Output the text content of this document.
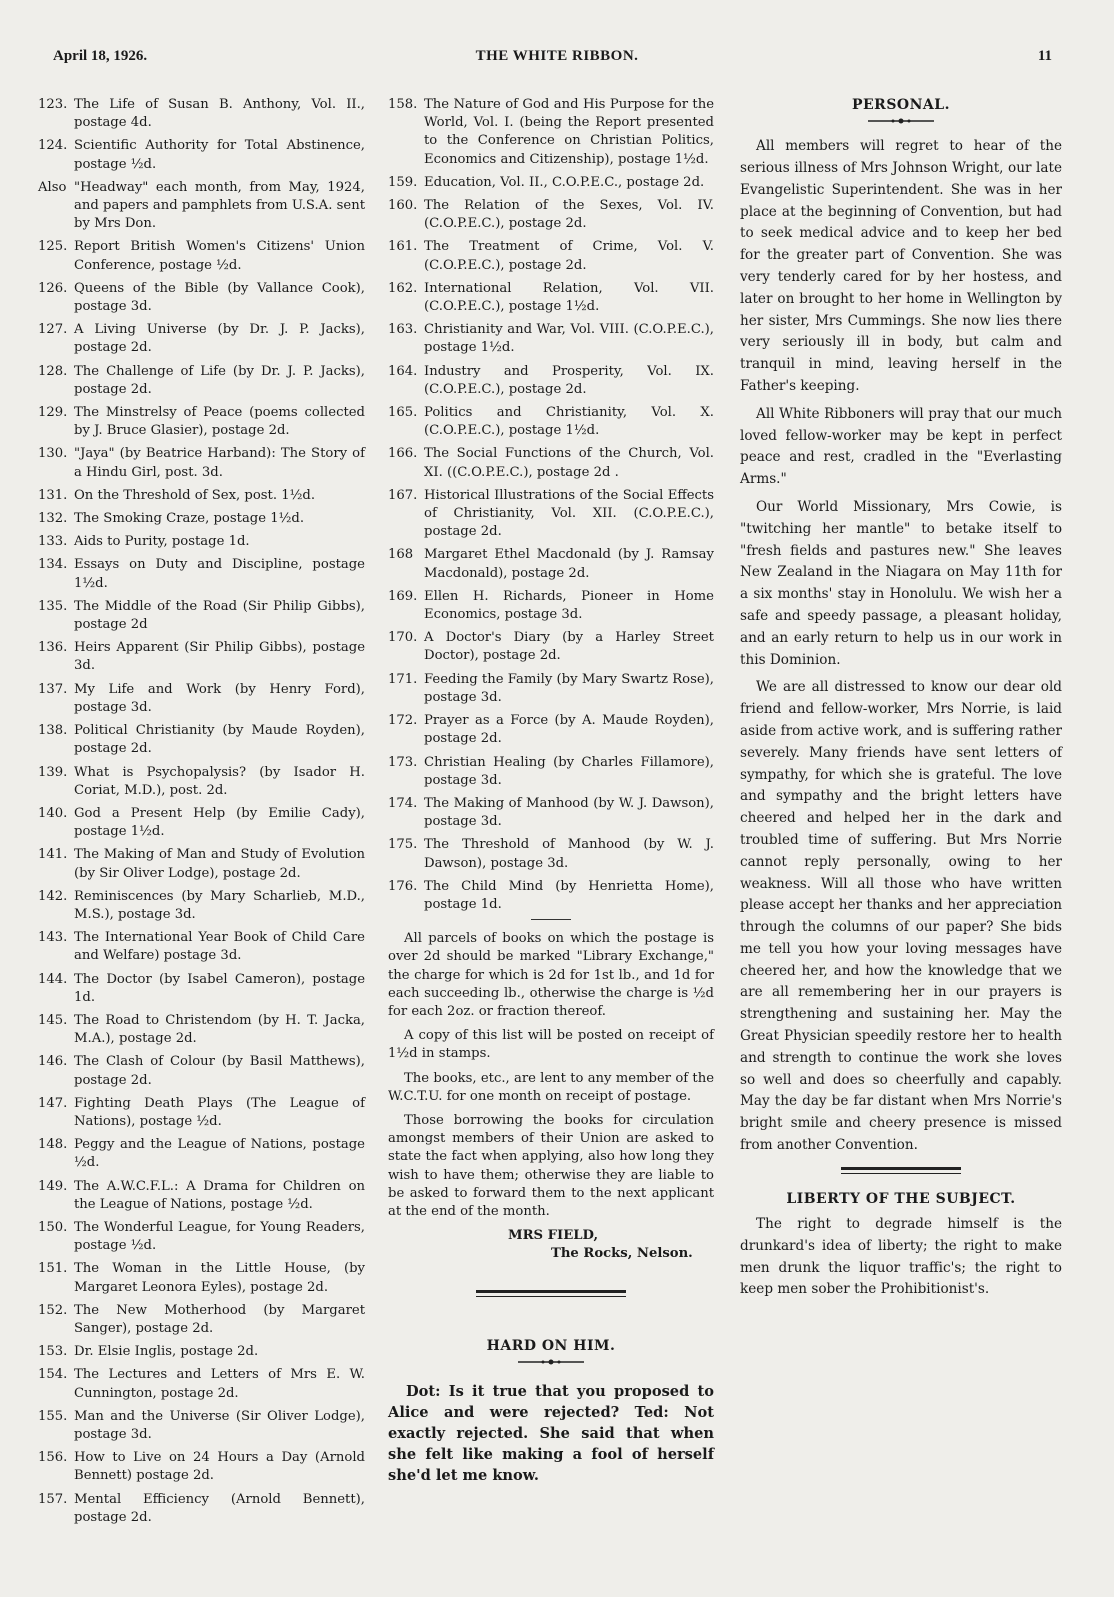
April 18, 1926.	THE WHITE RIBBON.	11
123. The Life of Susan B. Anthony, Vol. II., postage 4d.
124. Scientific Authority for Total Abstinence, postage ½d.
Also "Headway" each month, from May, 1924, and papers and pamphlets from U.S.A. sent by Mrs Don.
125. Report British Women's Citizens' Union Conference, postage ½d.
126. Queens of the Bible (by Vallance Cook), postage 3d.
127. A Living Universe (by Dr. J. P. Jacks), postage 2d.
128. The Challenge of Life (by Dr. J. P. Jacks), postage 2d.
129. The Minstrelsy of Peace (poems collected by J. Bruce Glasier), postage 2d.
130. "Jaya" (by Beatrice Harband): The Story of a Hindu Girl, post. 3d.
131. On the Threshold of Sex, post. 1½d.
132. The Smoking Craze, postage 1½d.
133. Aids to Purity, postage 1d.
134. Essays on Duty and Discipline, postage 1½d.
135. The Middle of the Road (Sir Philip Gibbs), postage 2d
136. Heirs Apparent (Sir Philip Gibbs), postage 3d.
137. My Life and Work (by Henry Ford), postage 3d.
138. Political Christianity (by Maude Royden), postage 2d.
139. What is Psychopalysis? (by Isador H. Coriat, M.D.), post. 2d.
140. God a Present Help (by Emilie Cady), postage 1½d.
141. The Making of Man and Study of Evolution (by Sir Oliver Lodge), postage 2d.
142. Reminiscences (by Mary Scharlieb, M.D., M.S.), postage 3d.
143. The International Year Book of Child Care and Welfare) postage 3d.
144. The Doctor (by Isabel Cameron), postage 1d.
145. The Road to Christendom (by H. T. Jacka, M.A.), postage 2d.
146. The Clash of Colour (by Basil Matthews), postage 2d.
147. Fighting Death Plays (The League of Nations), postage ½d.
148. Peggy and the League of Nations, postage ½d.
149. The A.W.C.F.L.: A Drama for Children on the League of Nations, postage ½d.
150. The Wonderful League, for Young Readers, postage ½d.
151. The Woman in the Little House, (by Margaret Leonora Eyles), postage 2d.
152. The New Motherhood (by Margaret Sanger), postage 2d.
153. Dr. Elsie Inglis, postage 2d.
154. The Lectures and Letters of Mrs E. W. Cunnington, postage 2d.
155. Man and the Universe (Sir Oliver Lodge), postage 3d.
156. How to Live on 24 Hours a Day (Arnold Bennett) postage 2d.
157. Mental Efficiency (Arnold Bennett), postage 2d.
158. The Nature of God and His Purpose for the World, Vol. I. (being the Report presented to the Conference on Christian Politics, Economics and Citizenship), postage 1½d.
159. Education, Vol. II., C.O.P.E.C., postage 2d.
160. The Relation of the Sexes, Vol. IV. (C.O.P.E.C.), postage 2d.
161. The Treatment of Crime, Vol. V. (C.O.P.E.C.), postage 2d.
162. International Relation, Vol. VII. (C.O.P.E.C.), postage 1½d.
163. Christianity and War, Vol. VIII. (C.O.P.E.C.), postage 1½d.
164. Industry and Prosperity, Vol. IX. (C.O.P.E.C.), postage 2d.
165. Politics and Christianity, Vol. X. (C.O.P.E.C.), postage 1½d.
166. The Social Functions of the Church, Vol. XI. ((C.O.P.E.C.), postage 2d .
167. Historical Illustrations of the Social Effects of Christianity, Vol. XII. (C.O.P.E.C.), postage 2d.
168 Margaret Ethel Macdonald (by J. Ramsay Macdonald), postage 2d.
169. Ellen H. Richards, Pioneer in Home Economics, postage 3d.
170. A Doctor's Diary (by a Harley Street Doctor), postage 2d.
171. Feeding the Family (by Mary Swartz Rose), postage 3d.
172. Prayer as a Force (by A. Maude Royden), postage 2d.
173. Christian Healing (by Charles Fillamore), postage 3d.
174. The Making of Manhood (by W. J. Dawson), postage 3d.
175. The Threshold of Manhood (by W. J. Dawson), postage 3d.
176. The Child Mind (by Henrietta Home), postage 1d.

All parcels of books on which the postage is over 2d should be marked "Library Exchange," the charge for which is 2d for 1st lb., and 1d for each succeeding lb., otherwise the charge is ½d for each 2oz. or fraction thereof.

A copy of this list will be posted on receipt of 1½d in stamps.

The books, etc., are lent to any member of the W.C.T.U. for one month on receipt of postage.

Those borrowing the books for circulation amongst members of their Union are asked to state the fact when applying, also how long they wish to have them; otherwise they are liable to be asked to forward them to the next applicant at the end of the month.

MRS FIELD,

The Rocks, Nelson.

HARD ON HIM.

Dot: Is it true that you proposed to Alice and were rejected? Ted: Not exactly rejected. She said that when she felt like making a fool of herself she'd let me know.

PERSONAL.

All members will regret to hear of the serious illness of Mrs Johnson Wright, our late Evangelistic Superintendent. She was in her place at the beginning of Convention, but had to seek medical advice and to keep her bed for the greater part of Convention. She was very tenderly cared for by her hostess, and later on brought to her home in Wellington by her sister, Mrs Cummings. She now lies there very seriously ill in body, but calm and tranquil in mind, leaving herself in the Father's keeping.

All White Ribboners will pray that our much loved fellow-worker may be kept in perfect peace and rest, cradled in the "Everlasting Arms."

Our World Missionary, Mrs Cowie, is "twitching her mantle" to betake itself to "fresh fields and pastures new." She leaves New Zealand in the Niagara on May 11th for a six months' stay in Honolulu. We wish her a safe and speedy passage, a pleasant holiday, and an early return to help us in our work in this Dominion.

We are all distressed to know our dear old friend and fellow-worker, Mrs Norrie, is laid aside from active work, and is suffering rather severely. Many friends have sent letters of sympathy, for which she is grateful. The love and sympathy and the bright letters have cheered and helped her in the dark and troubled time of suffering. But Mrs Norrie cannot reply personally, owing to her weakness. Will all those who have written please accept her thanks and her appreciation through the columns of our paper? She bids me tell you how your loving messages have cheered her, and how the knowledge that we are all remembering her in our prayers is strengthening and sustaining her. May the Great Physician speedily restore her to health and strength to continue the work she loves so well and does so cheerfully and capably. May the day be far distant when Mrs Norrie's bright smile and cheery presence is missed from another Convention.

LIBERTY OF THE SUBJECT.

The right to degrade himself is the drunkard's idea of liberty; the right to make men drunk the liquor traffic's; the right to keep men sober the Prohibitionist's.
